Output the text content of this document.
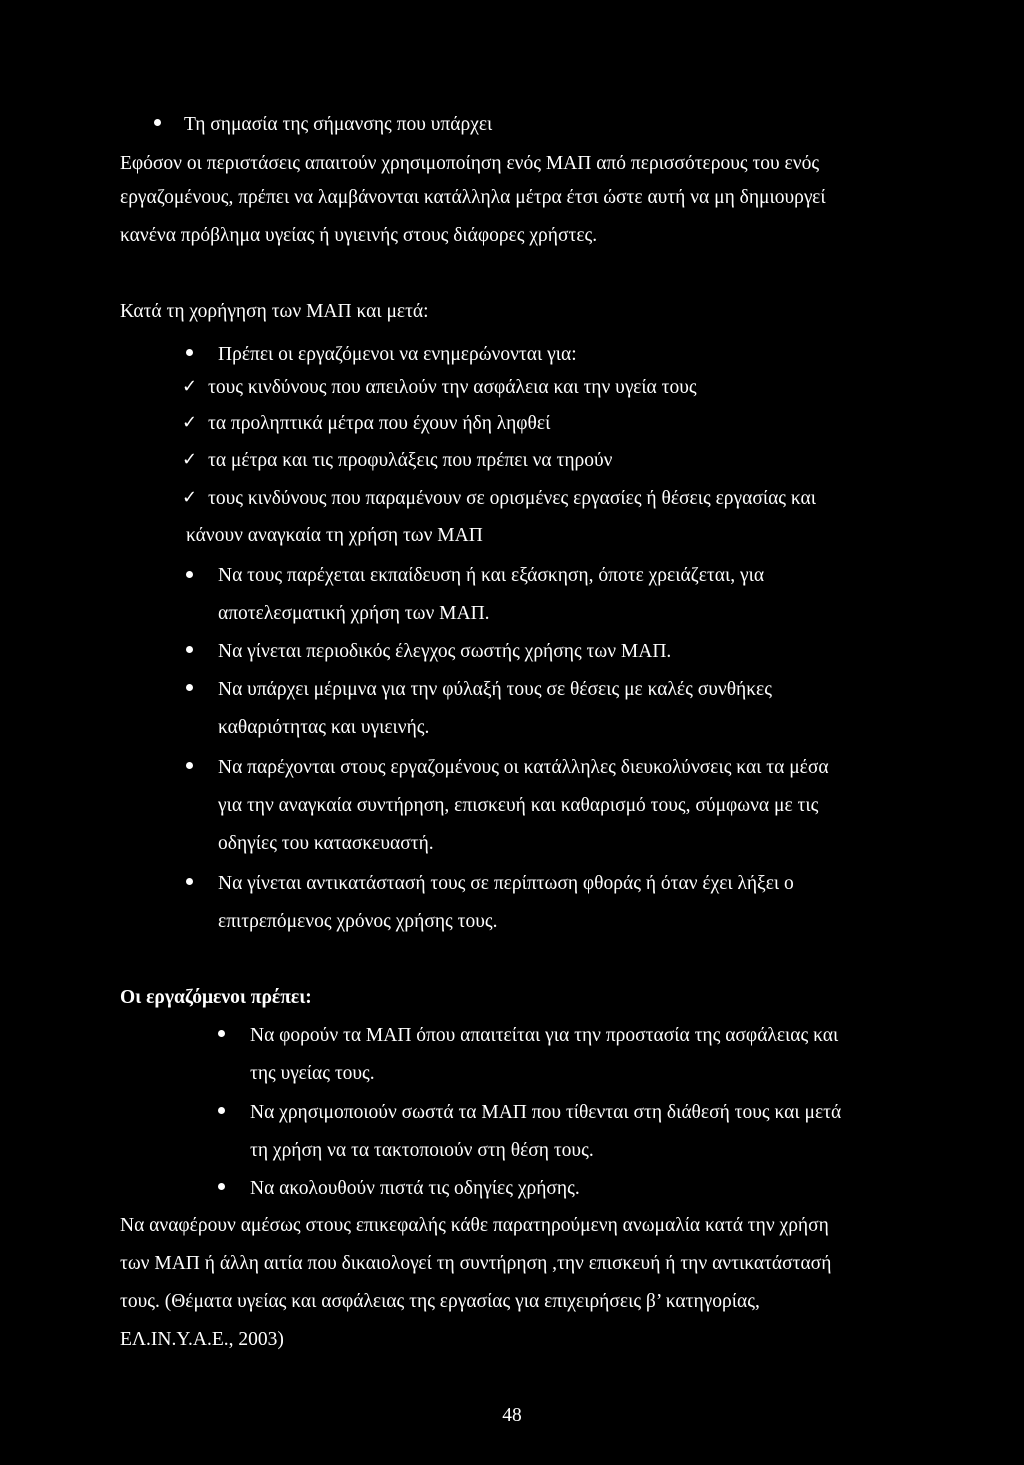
Τη σημασία της σήμανσης που υπάρχει
Εφόσον οι περιστάσεις απαιτούν χρησιμοποίηση ενός ΜΑΠ από περισσότερους του ενός
εργαζομένους, πρέπει να λαμβάνονται κατάλληλα μέτρα έτσι ώστε αυτή να μη δημιουργεί
κανένα πρόβλημα υγείας ή υγιεινής στους διάφορες χρήστες.
Κατά τη χορήγηση των ΜΑΠ και μετά:
Πρέπει οι εργαζόμενοι να ενημερώνονται για:
✓ τους κινδύνους που απειλούν την ασφάλεια και την υγεία τους
✓ τα προληπτικά μέτρα που έχουν ήδη ληφθεί
✓ τα μέτρα και τις προφυλάξεις που πρέπει να τηρούν
✓ τους κινδύνους που παραμένουν σε ορισμένες εργασίες ή θέσεις εργασίας και
κάνουν αναγκαία τη χρήση των ΜΑΠ
Να τους παρέχεται εκπαίδευση ή και εξάσκηση, όποτε χρειάζεται, για
αποτελεσματική χρήση των ΜΑΠ.
Να γίνεται περιοδικός έλεγχος σωστής χρήσης των ΜΑΠ.
Να υπάρχει μέριμνα για την φύλαξή τους σε θέσεις με καλές συνθήκες
καθαριότητας και υγιεινής.
Να παρέχονται στους εργαζομένους οι κατάλληλες διευκολύνσεις και τα μέσα
για την αναγκαία συντήρηση, επισκευή και καθαρισμό τους, σύμφωνα με τις
οδηγίες του κατασκευαστή.
Να γίνεται αντικατάστασή τους σε περίπτωση φθοράς ή όταν έχει λήξει ο
επιτρεπόμενος χρόνος χρήσης τους.
Οι εργαζόμενοι πρέπει:
Να φορούν τα ΜΑΠ όπου απαιτείται για την προστασία της ασφάλειας και
της υγείας τους.
Να χρησιμοποιούν σωστά τα ΜΑΠ που τίθενται στη διάθεσή τους και μετά
τη χρήση να τα τακτοποιούν στη θέση τους.
Να ακολουθούν πιστά τις οδηγίες χρήσης.
Να αναφέρουν αμέσως στους επικεφαλής κάθε παρατηρούμενη ανωμαλία κατά την χρήση
των ΜΑΠ ή άλλη αιτία που δικαιολογεί τη συντήρηση ,την επισκευή ή την αντικατάστασή
τους. (Θέματα υγείας και ασφάλειας της εργασίας για επιχειρήσεις β’ κατηγορίας,
ΕΛ.ΙΝ.Υ.Α.Ε., 2003)
48
